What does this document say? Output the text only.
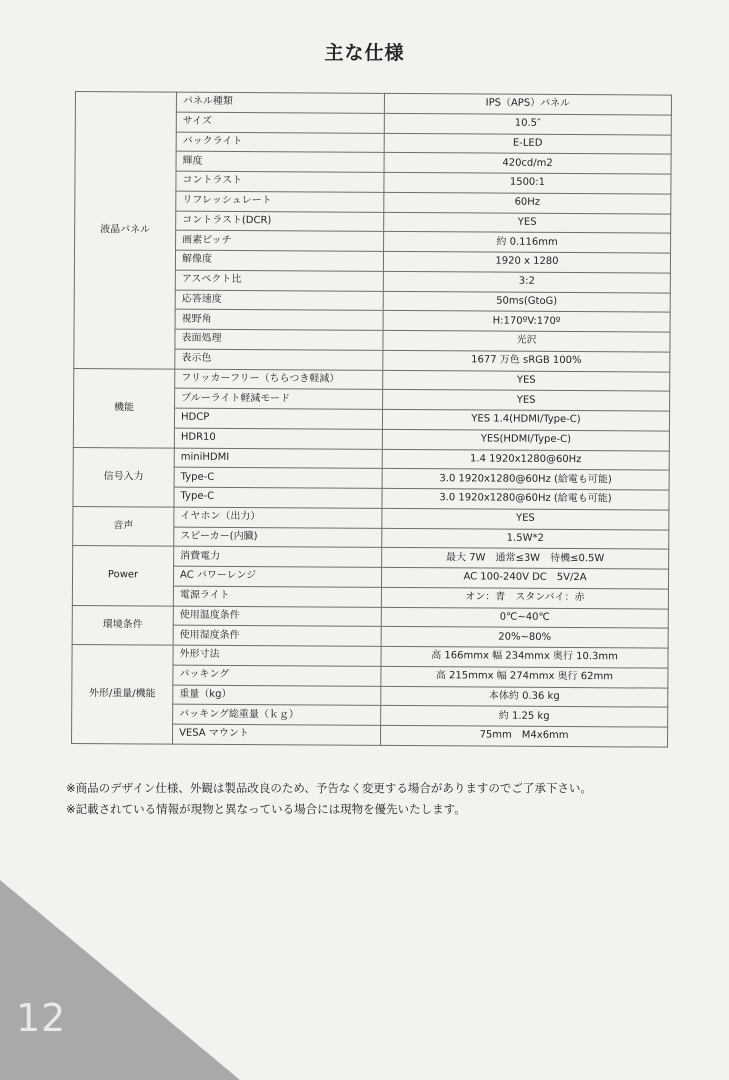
主な仕様
液晶パネル	パネル種類	IPS（APS）パネル
	サイズ	10.5″
	バックライト	E-LED
	輝度	420cd/m2
	コントラスト	1500:1
	リフレッシュレート	60Hz
	コントラスト(DCR)	YES
	画素ピッチ	約 0.116mm
	解像度	1920 x 1280
	アスペクト比	3:2
	応答速度	50ms(GtoG)
	視野角	H:170ºV:170º
	表面処理	光沢
	表示色	1677 万色 sRGB 100%
機能	フリッカーフリー（ちらつき軽減）	YES
	ブルーライト軽減モード	YES
	HDCP	YES 1.4(HDMI/Type-C)
	HDR10	YES(HDMI/Type-C)
信号入力	miniHDMI	1.4 1920x1280@60Hz
	Type-C	3.0 1920x1280@60Hz (給電も可能)
	Type-C	3.0 1920x1280@60Hz (給電も可能)
音声	イヤホン（出力）	YES
	スピーカー(内臓)	1.5W*2
Power	消費電力	最大 7W　通常≤3W　待機≤0.5W
	AC パワーレンジ	AC 100-240V DC　5V/2A
	電源ライト	オン：青　スタンバイ：赤
環境条件	使用温度条件	0℃~40℃
	使用湿度条件	20%~80%
外形/重量/機能	外形寸法	高 166mmx 幅 234mmx 奥行 10.3mm
	パッキング	高 215mmx 幅 274mmx 奥行 62mm
	重量（kg）	本体約 0.36 kg
	パッキング総重量（ｋｇ）	約 1.25 kg
	VESA マウント	75mm　M4x6mm

※商品のデザイン仕様、外観は製品改良のため、予告なく変更する場合がありますのでご了承下さい。

※記載されている情報が現物と異なっている場合には現物を優先いたします。

12
